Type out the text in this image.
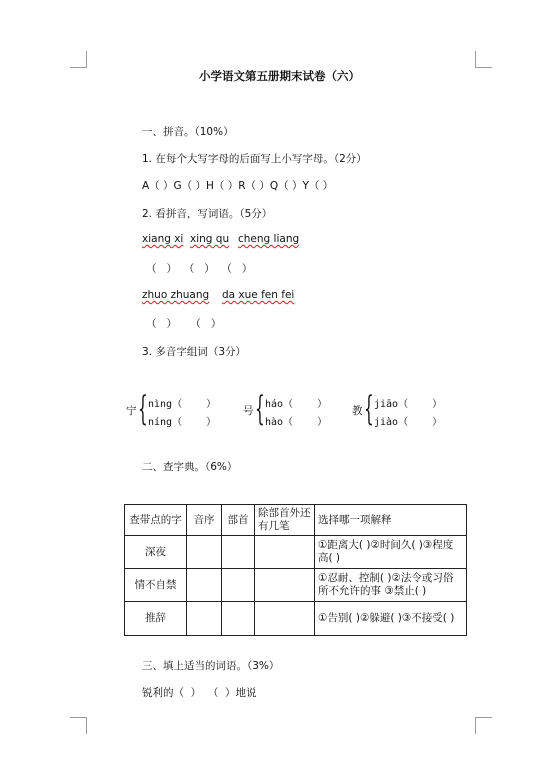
小学语文第五册期末试卷（六）
一、拼音。（10%）
1. 在每个大写字母的后面写上小写字母。（2分）
A（ ）G（ ）H（ ）R（ ）Q（ ）Y（ ）
2. 看拼音，写词语。（5分）
xiang xi xing qu cheng liang
（   ）  （   ）  （   ）
zhuo zhuang da xue fen fei
（   ）    （   ）
3. 多音字组词（3分）
宁 { nìng（    ）
níng（    ）
号 { háo（    ）
hào（    ）
教 { jiāo（    ）
jiào（    ）
二、查字典。（6%）
查带点的字	音序	部首	除部首外还有几笔	选择哪一项解释
深夜				①距离大( )②时间久( )③程度高( )
情不自禁				①忍耐、控制( )②法令或习俗所不允许的事 ③禁止( )
推辞				①告别( )②躲避( )③不接受( )
三、填上适当的词语。（3%）
锐利的（  ）  （  ）地说
